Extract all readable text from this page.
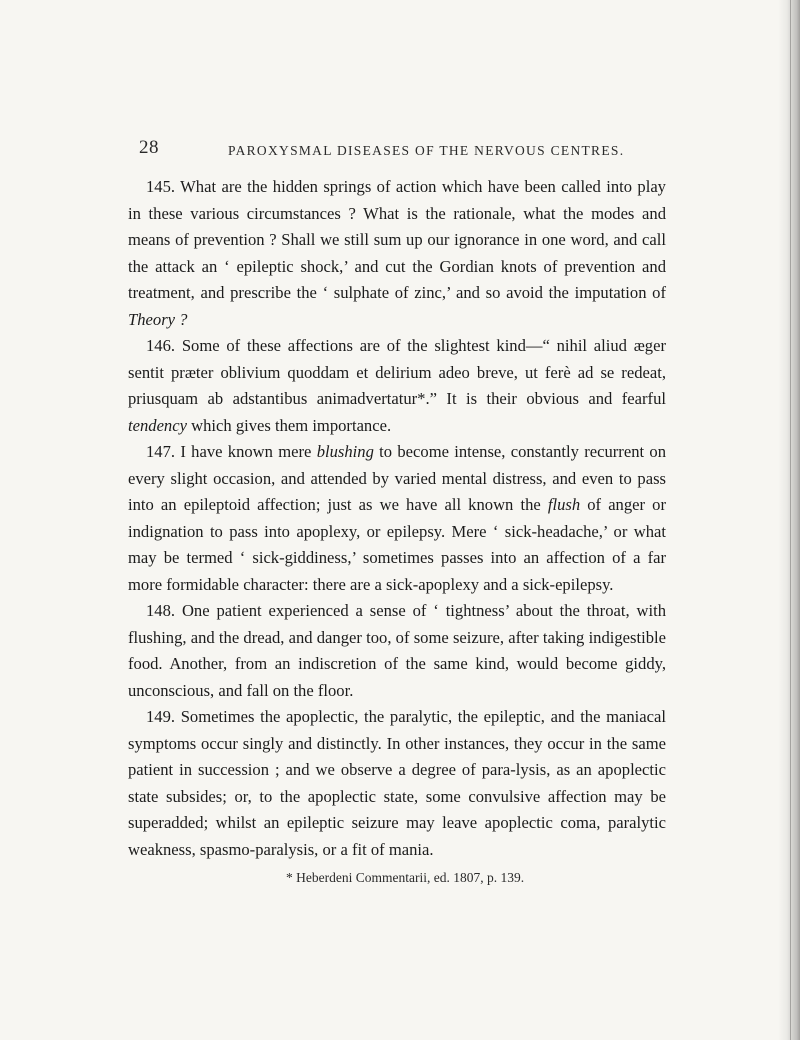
28	PAROXYSMAL DISEASES OF THE NERVOUS CENTRES.

145. What are the hidden springs of action which have been called into play in these various circumstances ? What is the rationale, what the modes and means of prevention ? Shall we still sum up our ignorance in one word, and call the attack an ‘ epileptic shock,’ and cut the Gordian knots of prevention and treatment, and prescribe the ‘ sulphate of zinc,’ and so avoid the imputation of Theory ?

146. Some of these affections are of the slightest kind—“ nihil aliud æger sentit præter oblivium quoddam et delirium adeo breve, ut ferè ad se redeat, priusquam ab adstantibus animadvertatur*.” It is their obvious and fearful tendency which gives them importance.

147. I have known mere blushing to become intense, constantly recurrent on every slight occasion, and attended by varied mental distress, and even to pass into an epileptoid affection; just as we have all known the flush of anger or indignation to pass into apoplexy, or epilepsy. Mere ‘ sick-headache,’ or what may be termed ‘ sick-giddiness,’ sometimes passes into an affection of a far more formidable character: there are a sick-apoplexy and a sick-epilepsy.

148. One patient experienced a sense of ‘ tightness’ about the throat, with flushing, and the dread, and danger too, of some seizure, after taking indigestible food. Another, from an indiscretion of the same kind, would become giddy, unconscious, and fall on the floor.

149. Sometimes the apoplectic, the paralytic, the epileptic, and the maniacal symptoms occur singly and distinctly. In other instances, they occur in the same patient in succession ; and we observe a degree of para-lysis, as an apoplectic state subsides; or, to the apoplectic state, some convulsive affection may be superadded; whilst an epileptic seizure may leave apoplectic coma, paralytic weakness, spasmo-paralysis, or a fit of mania.

* Heberdeni Commentarii, ed. 1807, p. 139.
